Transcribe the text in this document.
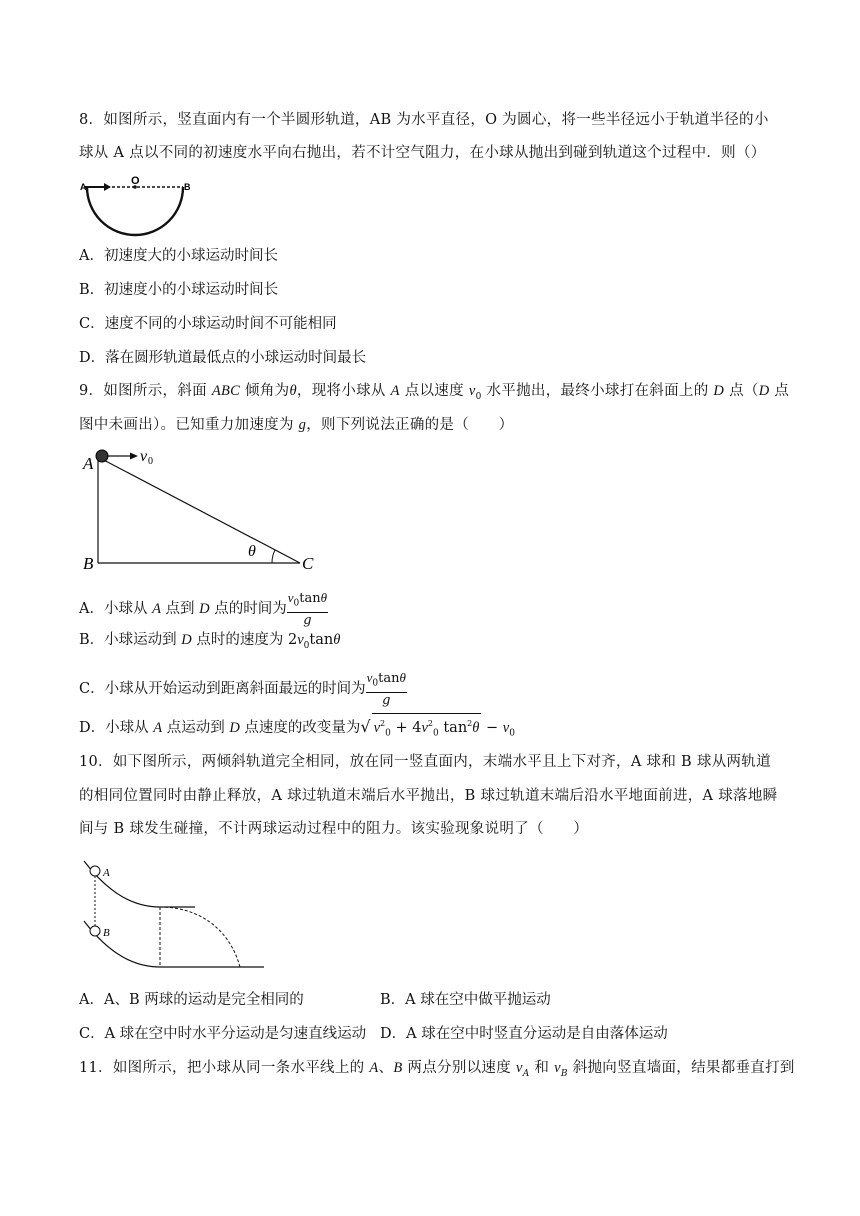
8．如图所示，竖直面内有一个半圆形轨道，AB 为水平直径，O 为圆心，将一些半径远小于轨道半径的小
球从 A 点以不同的初速度水平向右抛出，若不计空气阻力，在小球从抛出到碰到轨道这个过程中．则（）
A	O	B
A．初速度大的小球运动时间长
B．初速度小的小球运动时间长
C．速度不同的小球运动时间不可能相同
D．落在圆形轨道最低点的小球运动时间最长
9．如图所示，斜面 ABC 倾角为θ，现将小球从 A 点以速度 $v_0$ 水平抛出，最终小球打在斜面上的 D 点（D 点
图中未画出）。已知重力加速度为 g，则下列说法正确的是（　　）
A	v 0
B
θ
C
A．小球从 A 点到 D 点的时间为 $\frac{v_0\tan\theta}{g}$
B．小球运动到 D 点时的速度为 $2v_0\tan\theta$
C．小球从开始运动到距离斜面最远的时间为 $\frac{v_0\tan\theta}{g}$
D．小球从 A 点运动到 D 点速度的改变量为√ $v^2_0 + 4v^2_0$ $\tan^2\theta - v_0$
10．如下图所示，两倾斜轨道完全相同，放在同一竖直面内，末端水平且上下对齐，A 球和 B 球从两轨道
的相同位置同时由静止释放，A 球过轨道末端后水平抛出，B 球过轨道末端后沿水平地面前进，A 球落地瞬
间与 B 球发生碰撞，不计两球运动过程中的阻力。该实验现象说明了（　　）
A
B
A．A、B 两球的运动是完全相同的	B．A 球在空中做平抛运动
C．A 球在空中时水平分运动是匀速直线运动 D．A 球在空中时竖直分运动是自由落体运动
11．如图所示，把小球从同一条水平线上的 A、B 两点分别以速度 $v_A$ 和 $v_B$ 斜抛向竖直墙面，结果都垂直打到
